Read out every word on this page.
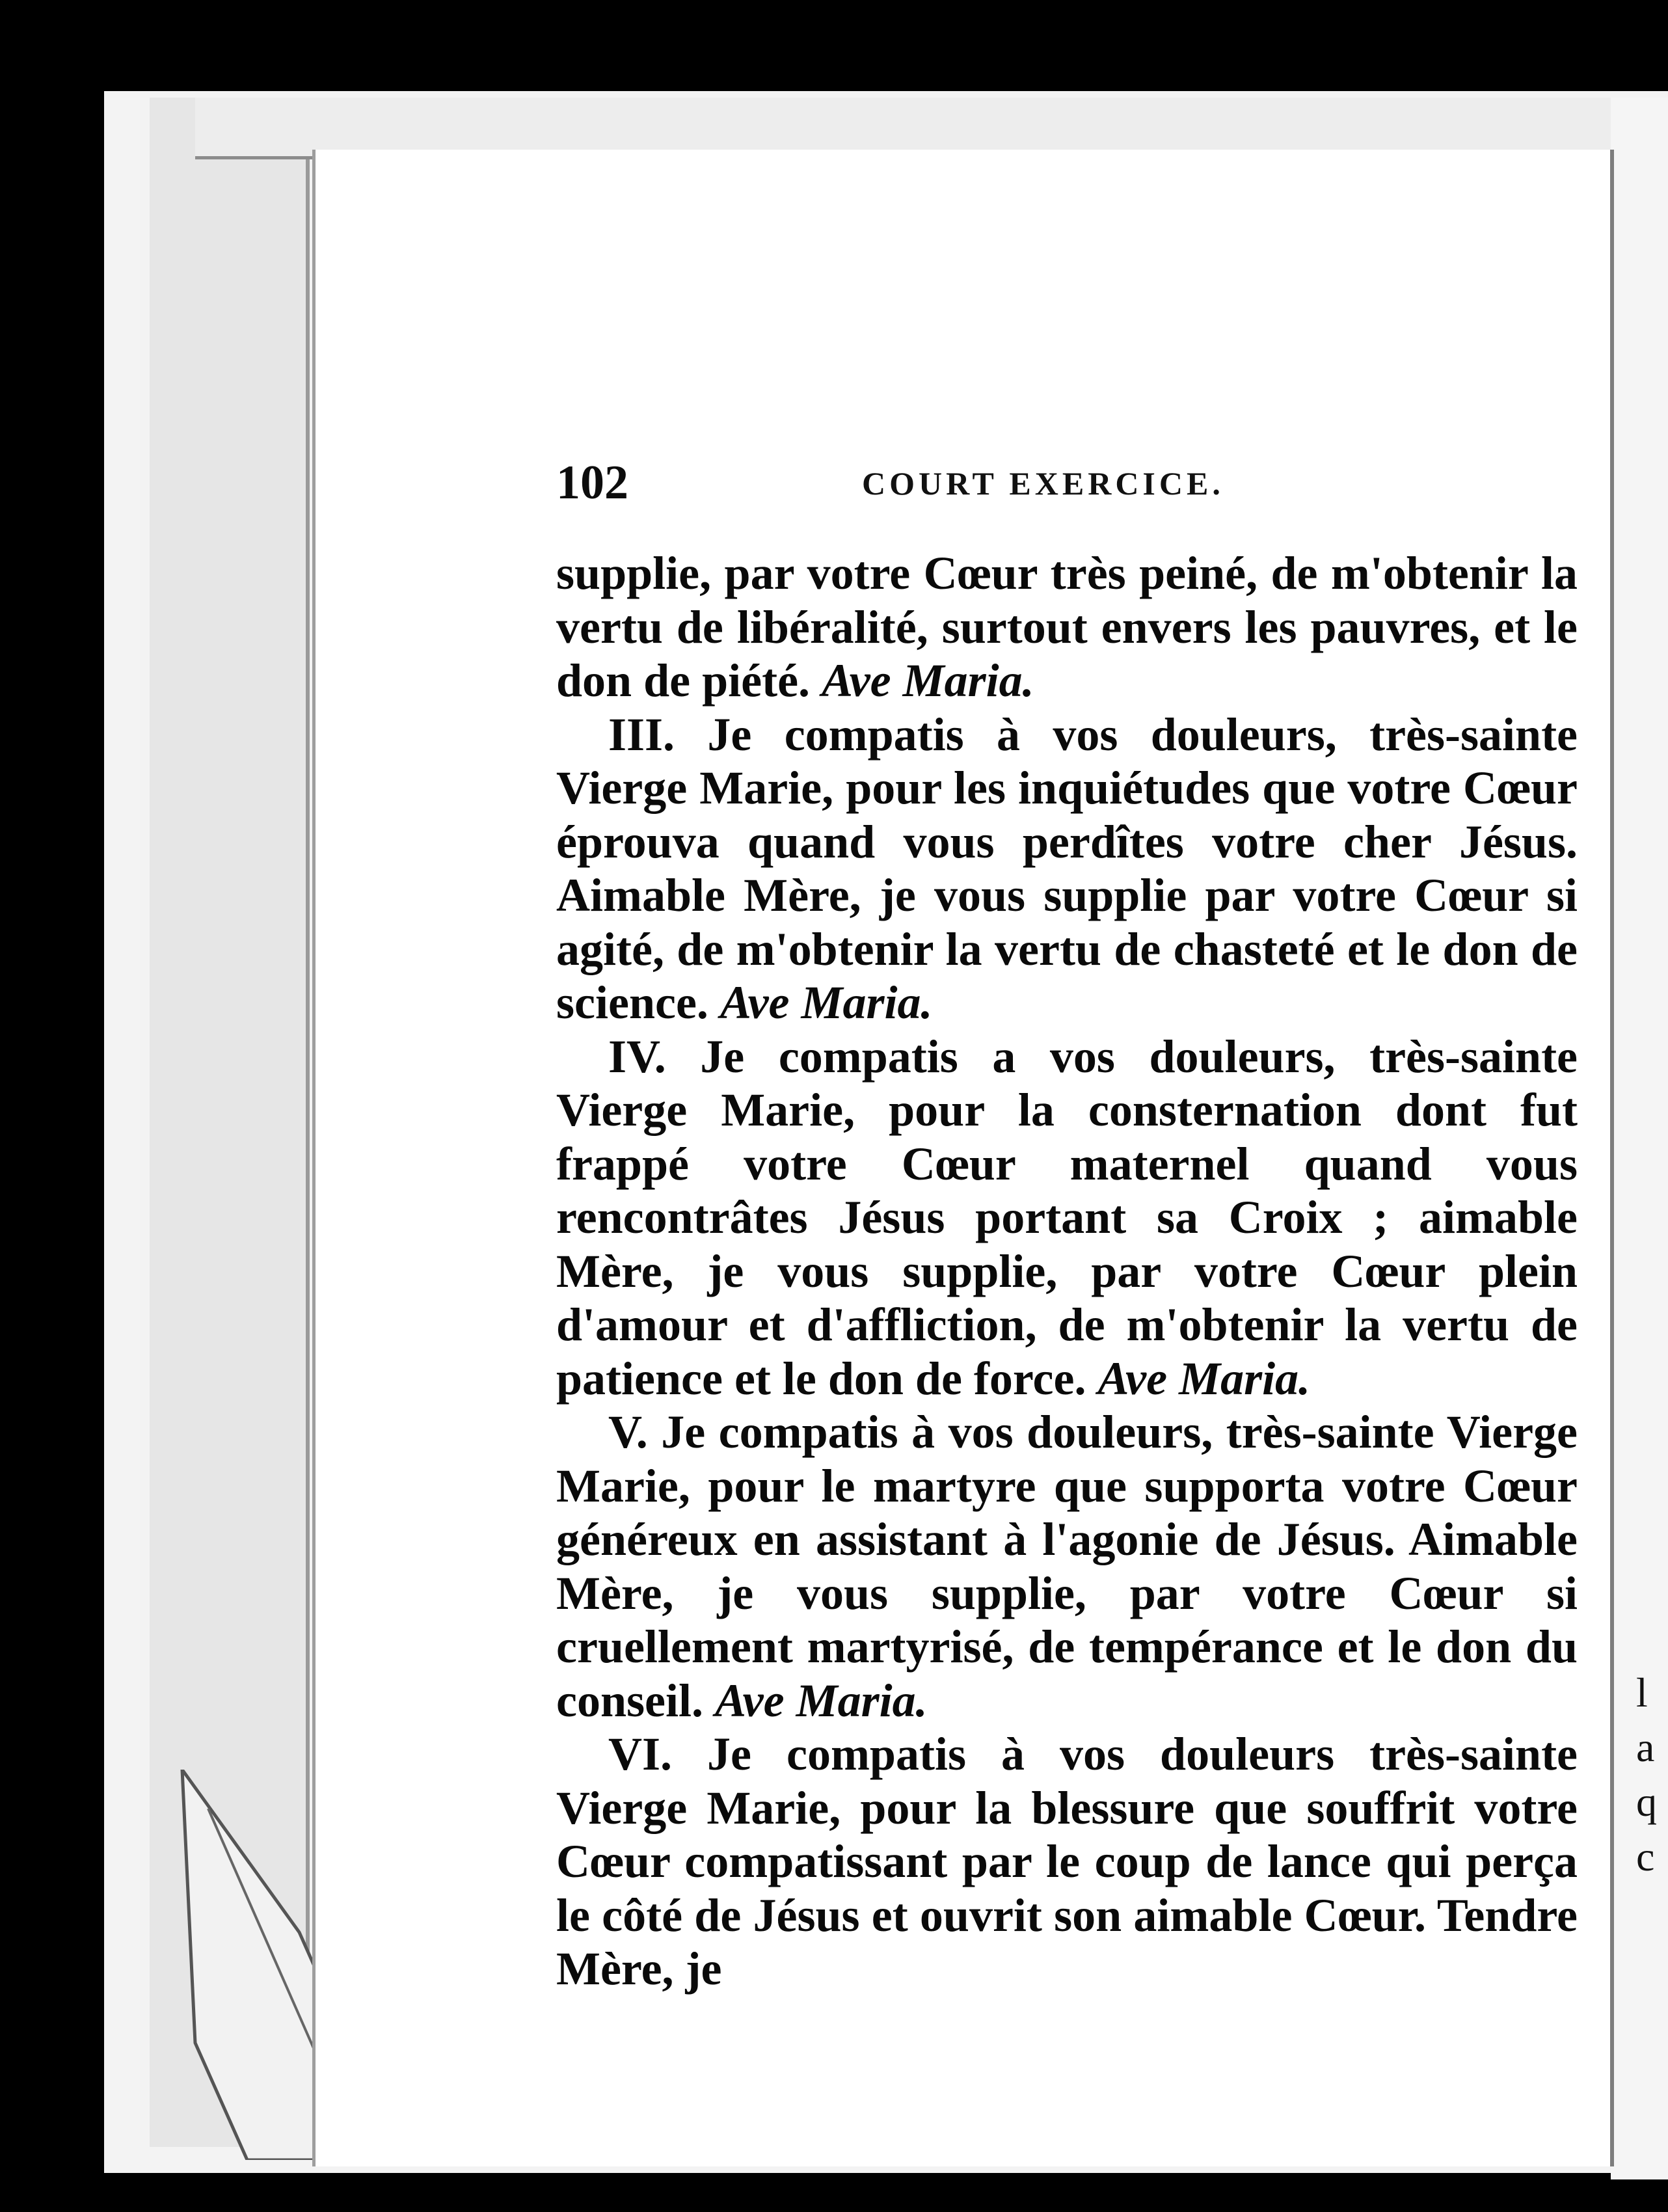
l
a
q
c
102	COURT EXERCICE.

supplie, par votre Cœur très peiné, de m'obtenir la vertu de libéralité, surtout envers les pauvres, et le don de piété. Ave Maria.

III. Je compatis à vos douleurs, très-sainte Vierge Marie, pour les inquiétudes que votre Cœur éprouva quand vous perdîtes votre cher Jésus. Aimable Mère, je vous supplie par votre Cœur si agité, de m'obtenir la vertu de chasteté et le don de science. Ave Maria.

IV. Je compatis a vos douleurs, très-sainte Vierge Marie, pour la consternation dont fut frappé votre Cœur maternel quand vous rencontrâtes Jésus portant sa Croix ; aimable Mère, je vous supplie, par votre Cœur plein d'amour et d'affliction, de m'obtenir la vertu de patience et le don de force. Ave Maria.

V. Je compatis à vos douleurs, très-sainte Vierge Marie, pour le martyre que supporta votre Cœur généreux en assistant à l'agonie de Jésus. Aimable Mère, je vous supplie, par votre Cœur si cruellement martyrisé, de tempérance et le don du conseil. Ave Maria.

VI. Je compatis à vos douleurs très-sainte Vierge Marie, pour la blessure que souffrit votre Cœur compatissant par le coup de lance qui perça le côté de Jésus et ouvrit son aimable Cœur. Tendre Mère, je
